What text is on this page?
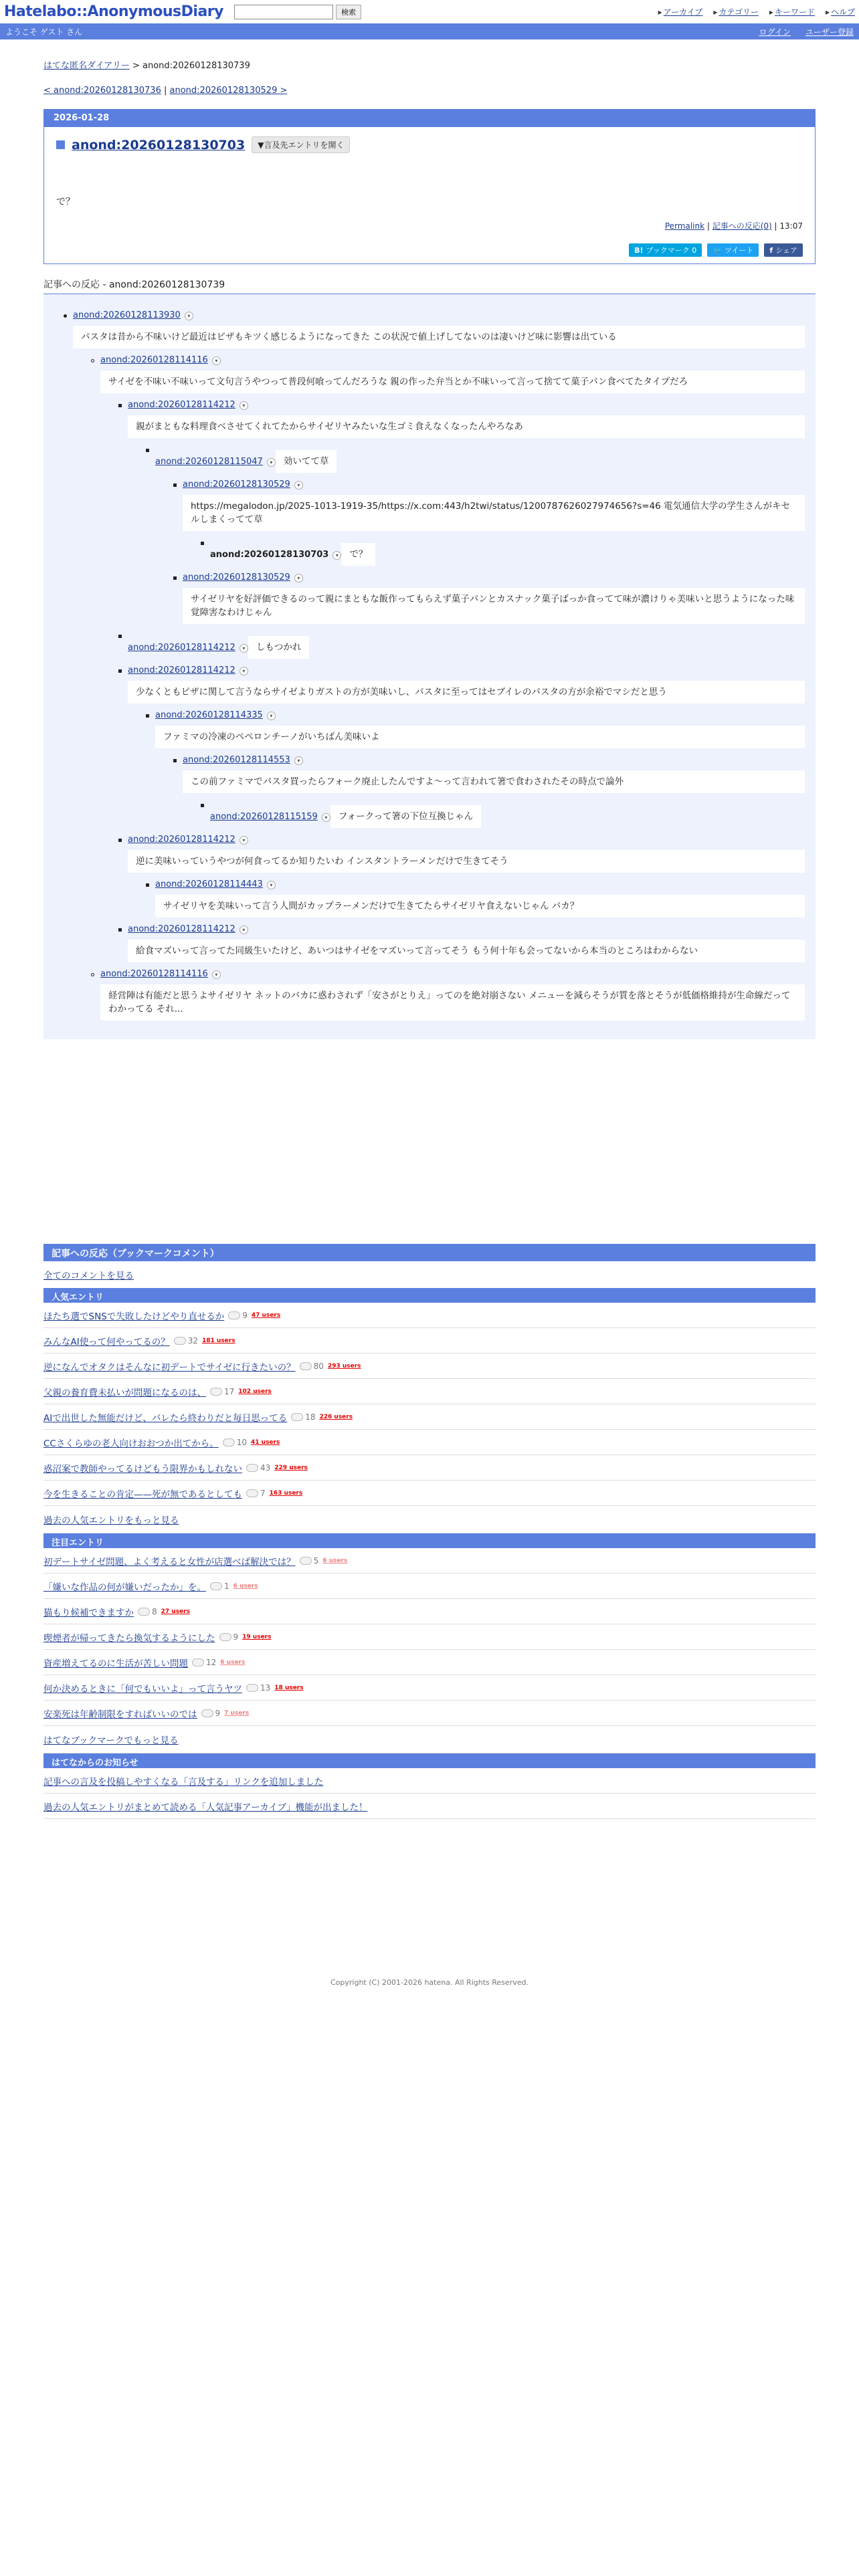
Hatelabo::AnonymousDiary	検索	▸ アーカイブ	▸ カテゴリー	▸ キーワード	▸ ヘルプ
ようこそ ゲスト さん	ログイン ユーザー登録
はてな匿名ダイアリー > anond:20260128130739
< anond:20260128130736 | anond:20260128130529 >
2026-01-28
anond:20260128130703	▼言及先エントリを開く
で？
Permalink | 記事への反応(0) | 13:07
B! ブックマーク 0 🐦 ツイート f シェア
記事への反応 - anond:20260128130739
anond:20260128113930 ▾
パスタは昔から不味いけど最近はピザもキツく感じるようになってきた この状況で値上げしてないのは凄いけど味に影響は出ている
anond:20260128114116 ▾
サイゼを不味い不味いって文句言うやつって普段何喰ってんだろうな 親の作った弁当とか不味いって言って捨てて菓子パン食べてたタイプだろ
anond:20260128114212 ▾
親がまともな料理食べさせてくれてたからサイゼリヤみたいな生ゴミ食えなくなったんやろなあ
anond:20260128115047 ▾ 効いてて草
anond:20260128130529 ▾
https://megalodon.jp/2025-1013-1919-35/https://x.com:443/h2twi/status/1200787626027974656?s=46 電気通信大学の学生さんがキセルしまくってて草
anond:20260128130703 ▾ で？
anond:20260128130529 ▾
サイゼリヤを好評価できるのって親にまともな飯作ってもらえず菓子パンとカスナック菓子ばっか食ってて味が濃けりゃ美味いと思うようになった味覚障害なわけじゃん
anond:20260128114212 ▾ しもつかれ
anond:20260128114212 ▾
少なくともピザに関して言うならサイゼよりガストの方が美味いし、パスタに至ってはセブイレのパスタの方が余裕でマシだと思う
anond:20260128114335 ▾
ファミマの冷凍のペペロンチーノがいちばん美味いよ
anond:20260128114553 ▾
この前ファミマでパスタ買ったらフォーク廃止したんですよ〜って言われて箸で食わされたその時点で論外
anond:20260128115159 ▾ フォークって箸の下位互換じゃん
anond:20260128114212 ▾
逆に美味いっていうやつが何食ってるか知りたいわ インスタントラーメンだけで生きてそう
anond:20260128114443 ▾
サイゼリヤを美味いって言う人間がカップラーメンだけで生きてたらサイゼリヤ食えないじゃん バカ？
anond:20260128114212 ▾
給食マズいって言ってた同級生いたけど、あいつはサイゼをマズいって言ってそう もう何十年も会ってないから本当のところはわからない
anond:20260128114116 ▾
経営陣は有能だと思うよサイゼリヤ ネットのバカに惑わされず「安さがとりえ」ってのを絶対崩さない メニューを減らそうが質を落とそうが低価格維持が生命線だってわかってる それ...
記事への反応（ブックマークコメント）
全てのコメントを見る
人気エントリ
ほたち選でSNSで失敗したけどやり直せるか 9 47 users
みんなAI使って何やってるの？ 32 181 users
逆になんでオタクはそんなに初デートでサイゼに行きたいの？ 80 293 users
父親の養育費未払いが問題になるのは、 17 102 users
AIで出世した無能だけど、バレたら終わりだと毎日思ってる 18 226 users
CCさくらゆの老人向けおおつか出てから。 10 41 users
惑沼案で教師やってるけどもう限界かもしれない 43 229 users
今を生きることの肯定——死が無であるとしても 7 163 users
過去の人気エントリをもっと見る
注目エントリ
初デートサイゼ問題、よく考えると女性が店選べば解決では？ 5 6 users
「嫌いな作品の何が嫌いだったか」を。 1 6 users
猫もり候補できますか​ 8 27 users
喫煙者が帰ってきたら換気するようにした 9 19 users
資産増えてるのに生活が苦しい問題 12 6 users
何か決めるときに「何でもいいよ」って言うヤツ 13 18 users
安楽死は年齢制限をすればいいのでは 9 7 users
はてなブックマークでもっと見る
はてなからのお知らせ
記事への言及を投稿しやすくなる「言及する」リンクを追加しました
過去の人気エントリがまとめて読める「人気記事アーカイブ」機能が出ました！
Copyright (C) 2001-2026 hatena. All Rights Reserved.
